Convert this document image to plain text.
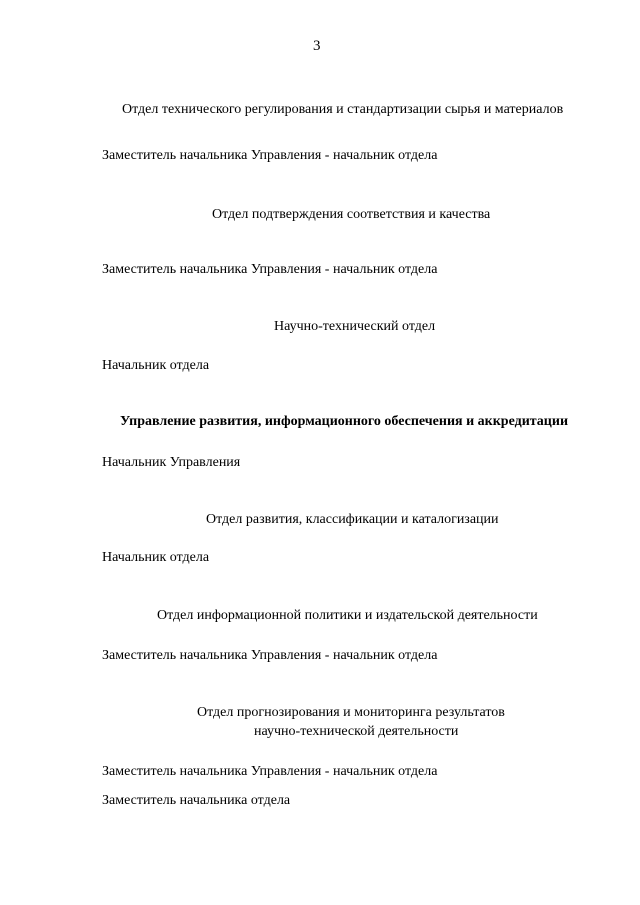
3
Отдел технического регулирования и стандартизации сырья и материалов
Заместитель начальника Управления - начальник отдела
Отдел подтверждения соответствия и качества
Заместитель начальника Управления - начальник отдела
Научно-технический отдел
Начальник отдела
Управление развития, информационного обеспечения и аккредитации
Начальник Управления
Отдел развития, классификации и каталогизации
Начальник отдела
Отдел информационной политики и издательской деятельности
Заместитель начальника Управления - начальник отдела
Отдел прогнозирования и мониторинга результатов
научно-технической деятельности
Заместитель начальника Управления - начальник отдела
Заместитель начальника отдела
